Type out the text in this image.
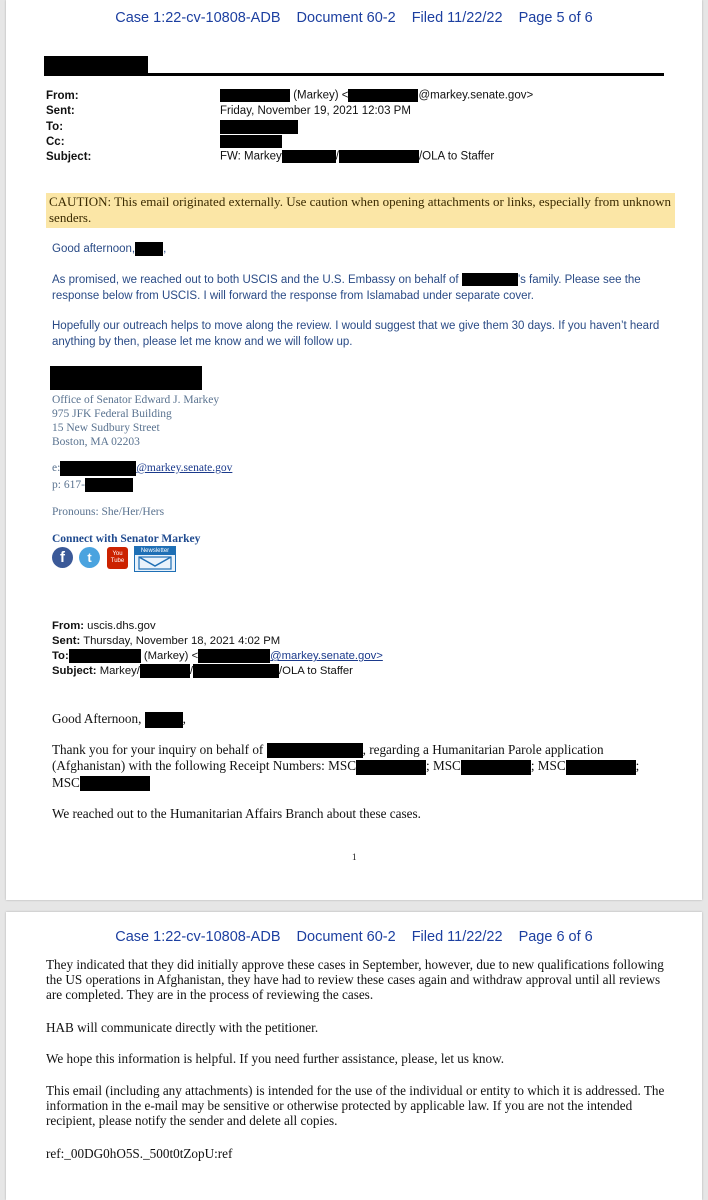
Case 1:22-cv-10808-ADB Document 60-2 Filed 11/22/22 Page 5 of 6
From:	(Markey) <	@markey.senate.gov>
Sent:	Friday, November 19, 2021 12:03 PM
To:
Cc:
Subject:	FW: Markey	/	/OLA to Staffer
CAUTION: This email originated externally. Use caution when opening attachments or links, especially from unknown senders.
Good afternoon, ,
As promised, we reached out to both USCIS and the U.S. Embassy on behalf of	’s family. Please see the response below from USCIS. I will forward the response from Islamabad under separate cover.
Hopefully our outreach helps to move along the review. I would suggest that we give them 30 days. If you haven’t heard anything by then, please let me know and we will follow up.
Office of Senator Edward J. Markey
975 JFK Federal Building
15 New Sudbury Street
Boston, MA 02203
e:	@markey.senate.gov
p: 617-
Pronouns: She/Her/Hers
Connect with Senator Markey
f	t	You Tube
Newsletter
From: uscis.dhs.gov
Sent: Thursday, November 18, 2021 4:02 PM
To:	(Markey) <	@markey.senate.gov>
Subject: Markey/	/	/OLA to Staffer
Good Afternoon,	,
Thank you for your inquiry on behalf of	, regarding a Humanitarian Parole application (Afghanistan) with the following Receipt Numbers: MSC	; MSC	; MSC	; MSC
We reached out to the Humanitarian Affairs Branch about these cases.
1
Case 1:22-cv-10808-ADB Document 60-2 Filed 11/22/22 Page 6 of 6
They indicated that they did initially approve these cases in September, however, due to new qualifications following the US operations in Afghanistan, they have had to review these cases again and withdraw approval until all reviews are completed. They are in the process of reviewing the cases.
HAB will communicate directly with the petitioner.
We hope this information is helpful. If you need further assistance, please, let us know.
This email (including any attachments) is intended for the use of the individual or entity to which it is addressed. The information in the e-mail may be sensitive or otherwise protected by applicable law. If you are not the intended recipient, please notify the sender and delete all copies.
ref:_00DG0hO5S._500t0tZopU:ref
